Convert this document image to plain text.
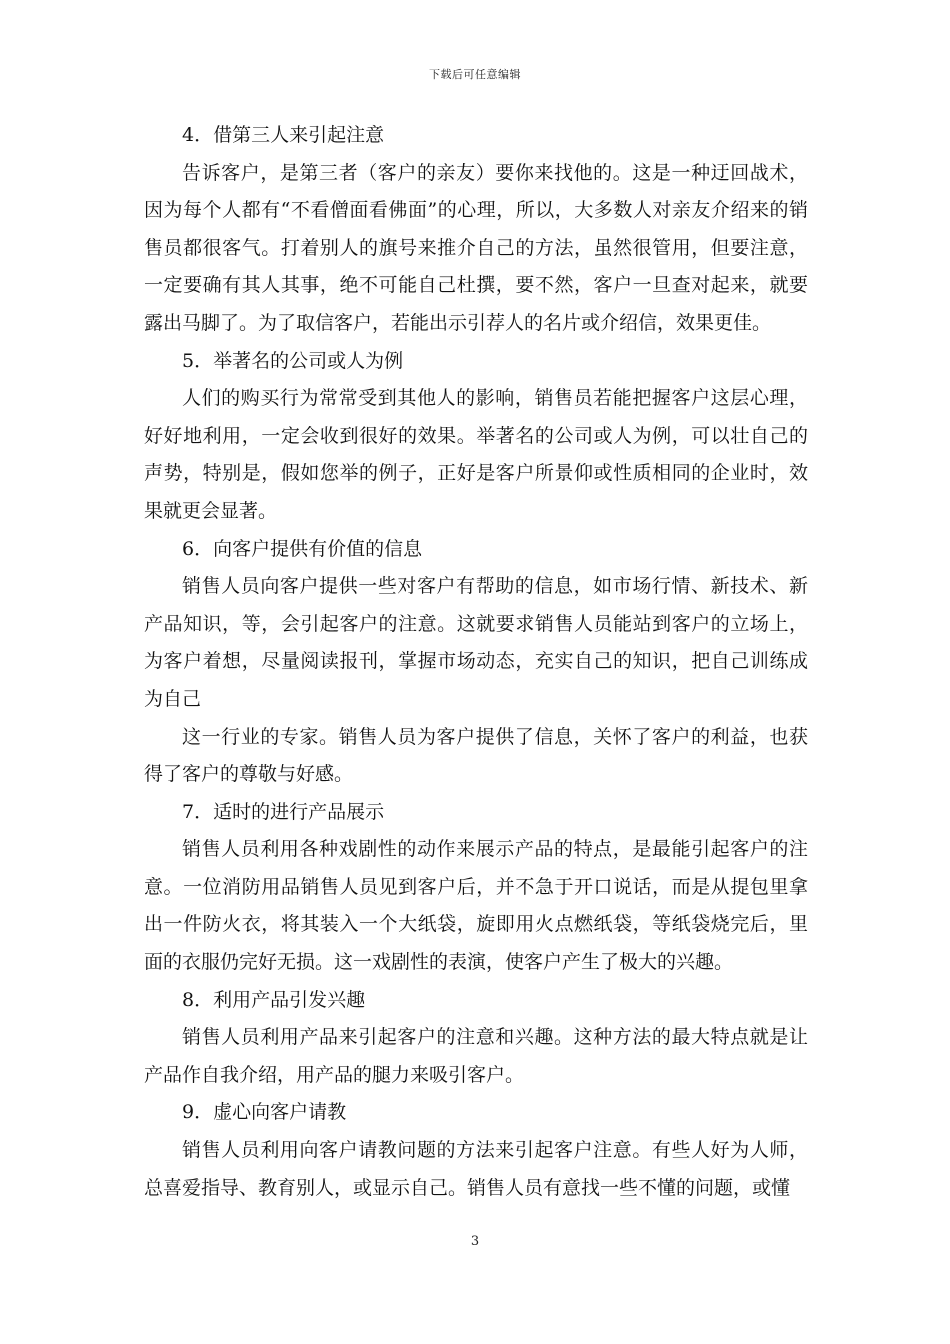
下载后可任意编辑

4．借第三人来引起注意

告诉客户，是第三者（客户的亲友）要你来找他的。这是一种迂回战术，因为每个人都有“不看僧面看佛面”的心理，所以，大多数人对亲友介绍来的销售员都很客气。打着别人的旗号来推介自己的方法，虽然很管用，但要注意，一定要确有其人其事，绝不可能自己杜撰，要不然，客户一旦查对起来，就要露出马脚了。为了取信客户，若能出示引荐人的名片或介绍信，效果更佳。

5．举著名的公司或人为例

人们的购买行为常常受到其他人的影响，销售员若能把握客户这层心理，好好地利用，一定会收到很好的效果。举著名的公司或人为例，可以壮自己的声势，特别是，假如您举的例子，正好是客户所景仰或性质相同的企业时，效果就更会显著。

6．向客户提供有价值的信息

销售人员向客户提供一些对客户有帮助的信息，如市场行情、新技术、新产品知识，等，会引起客户的注意。这就要求销售人员能站到客户的立场上，为客户着想，尽量阅读报刊，掌握市场动态，充实自己的知识，把自己训练成为自己

这一行业的专家。销售人员为客户提供了信息，关怀了客户的利益，也获得了客户的尊敬与好感。

7．适时的进行产品展示

销售人员利用各种戏剧性的动作来展示产品的特点，是最能引起客户的注意。一位消防用品销售人员见到客户后，并不急于开口说话，而是从提包里拿出一件防火衣，将其装入一个大纸袋，旋即用火点燃纸袋，等纸袋烧完后，里面的衣服仍完好无损。这一戏剧性的表演，使客户产生了极大的兴趣。

8．利用产品引发兴趣

销售人员利用产品来引起客户的注意和兴趣。这种方法的最大特点就是让产品作自我介绍，用产品的腿力来吸引客户。

9．虚心向客户请教

销售人员利用向客户请教问题的方法来引起客户注意。有些人好为人师，总喜爱指导、教育别人，或显示自己。销售人员有意找一些不懂的问题，或懂

3
